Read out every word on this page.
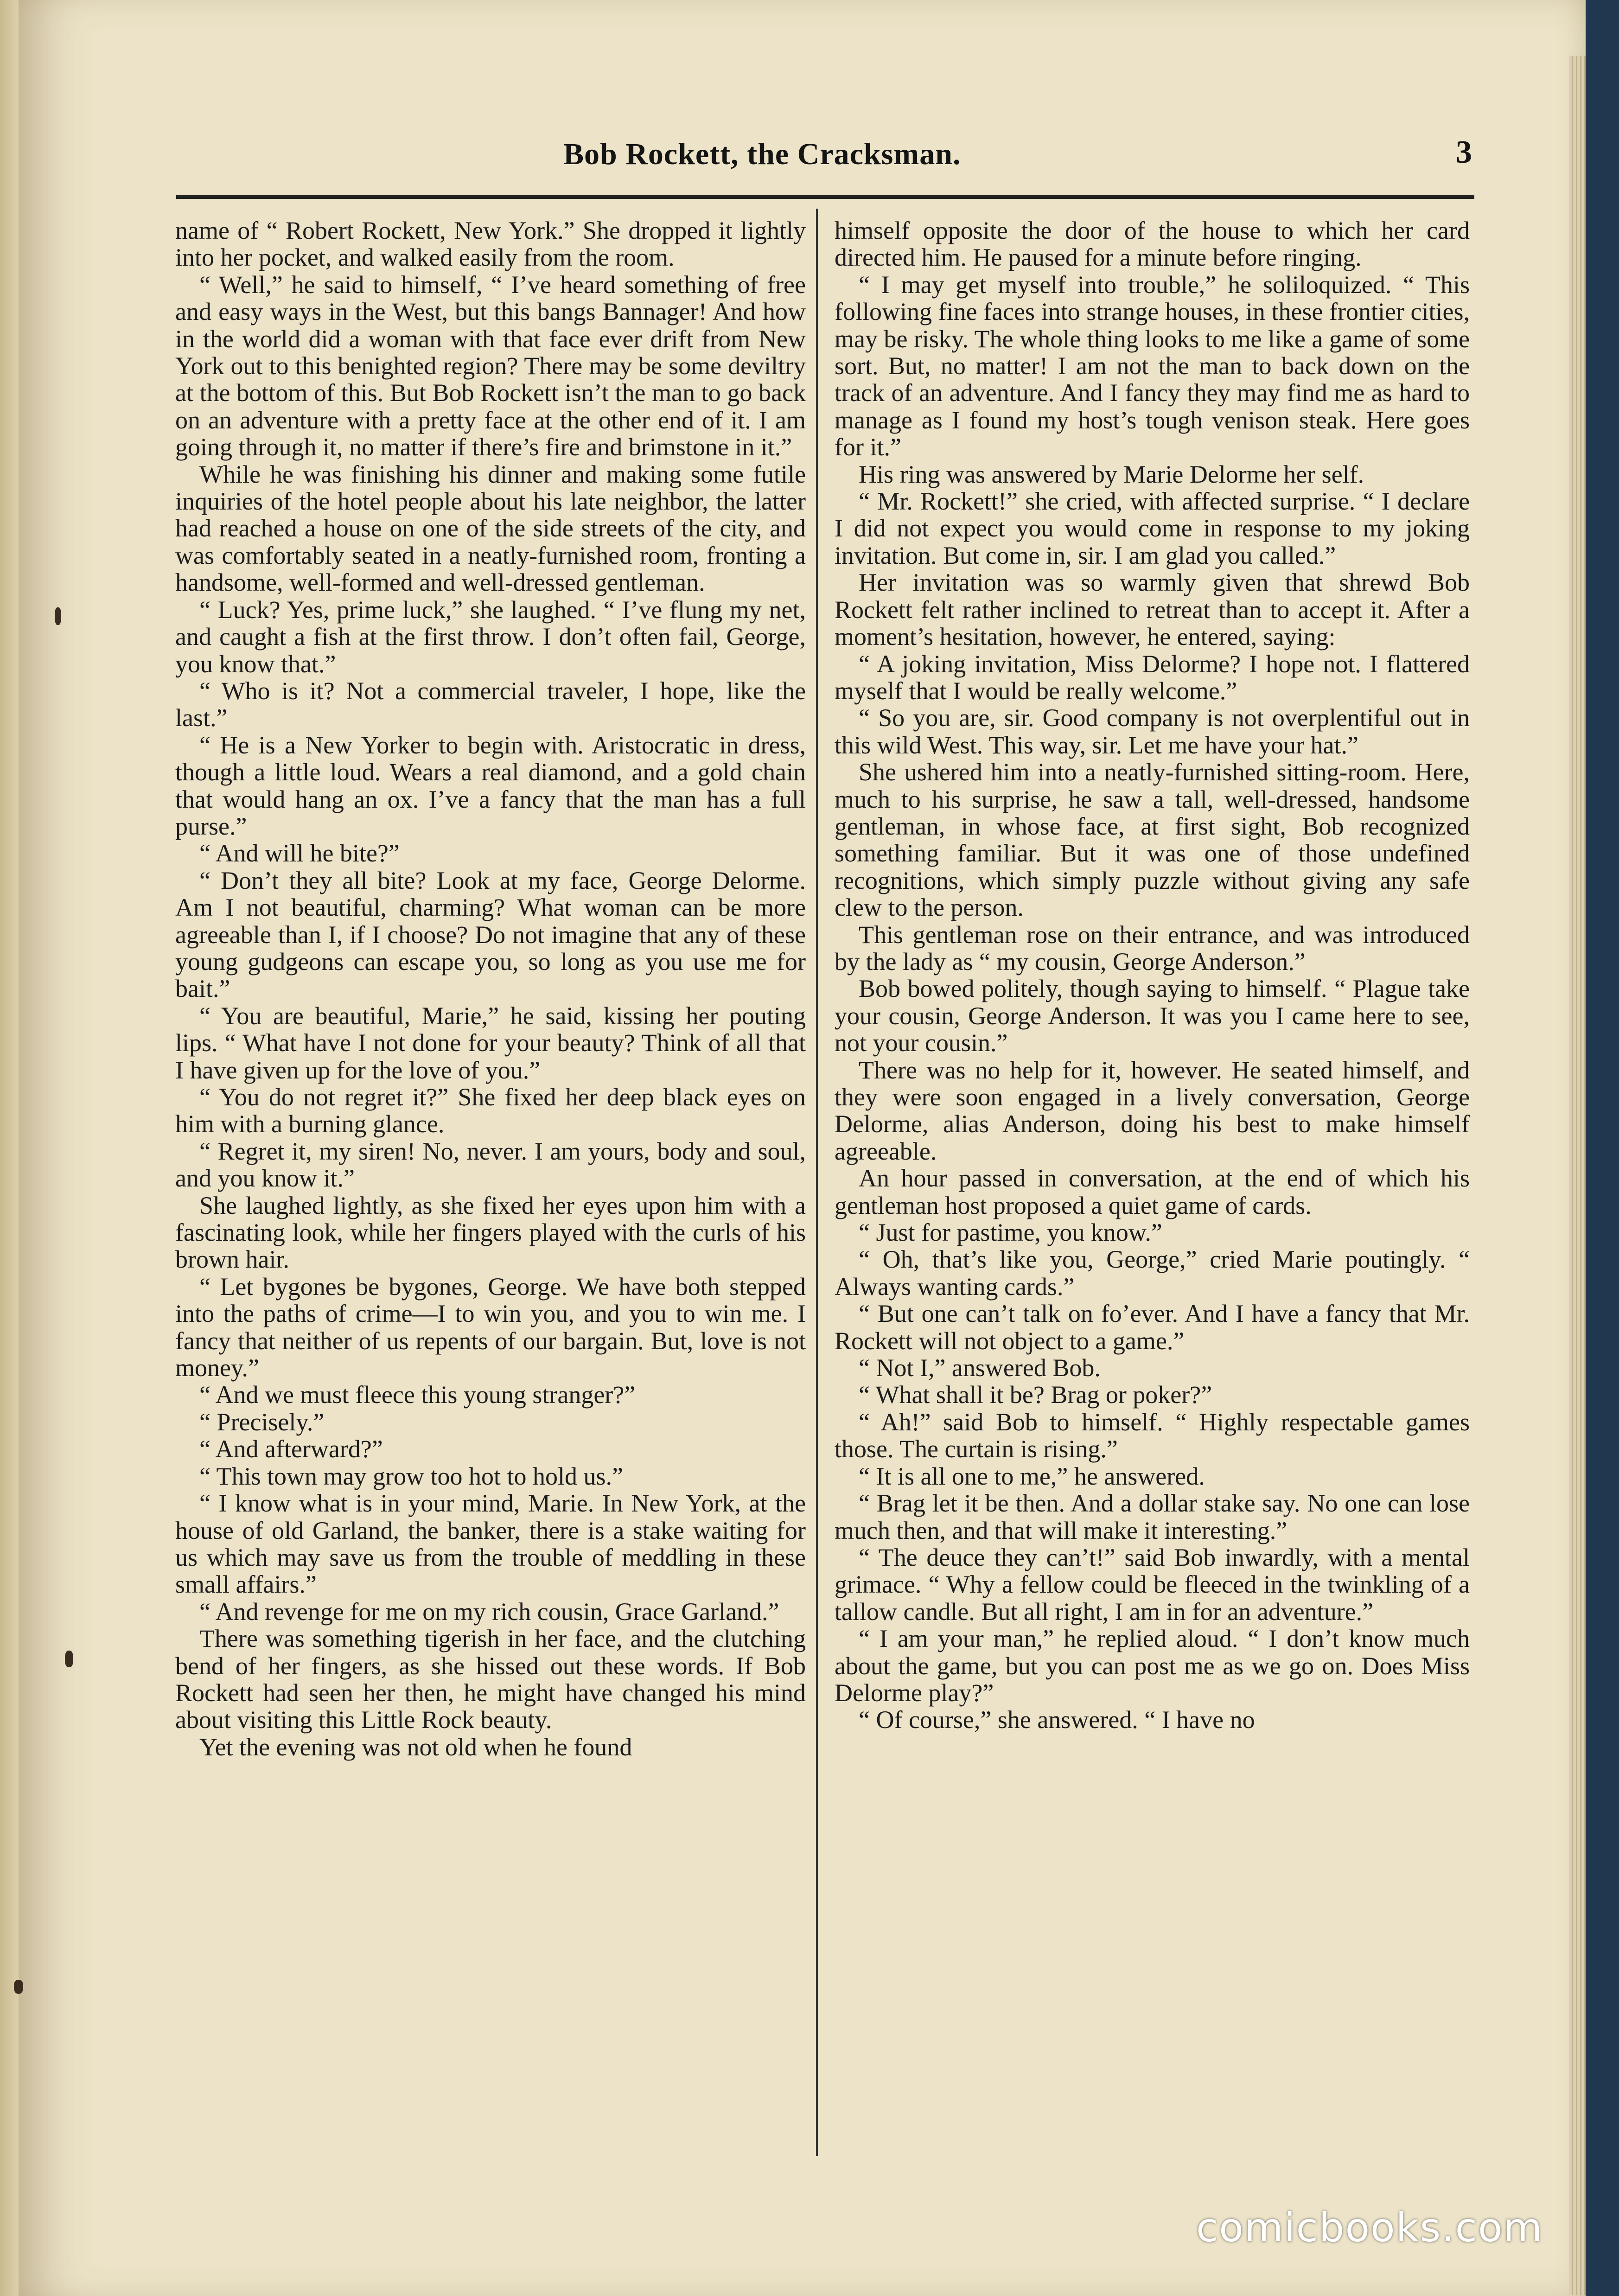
Bob Rockett, the Cracksman.	3

name of “ Robert Rockett, New York.” She dropped it lightly into her pocket, and walked easily from the room.

“ Well,” he said to himself, “ I’ve heard something of free and easy ways in the West, but this bangs Bannager! And how in the world did a woman with that face ever drift from New York out to this benighted region? There may be some deviltry at the bottom of this. But Bob Rockett isn’t the man to go back on an adventure with a pretty face at the other end of it. I am going through it, no matter if there’s fire and brimstone in it.”

While he was finishing his dinner and making some futile inquiries of the hotel people about his late neighbor, the latter had reached a house on one of the side streets of the city, and was comfortably seated in a neatly-furnished room, fronting a handsome, well-formed and well-dressed gentleman.

“ Luck? Yes, prime luck,” she laughed. “ I’ve flung my net, and caught a fish at the first throw. I don’t often fail, George, you know that.”

“ Who is it? Not a commercial traveler, I hope, like the last.”

“ He is a New Yorker to begin with. Aristocratic in dress, though a little loud. Wears a real diamond, and a gold chain that would hang an ox. I’ve a fancy that the man has a full purse.”

“ And will he bite?”

“ Don’t they all bite? Look at my face, George Delorme. Am I not beautiful, charming? What woman can be more agreeable than I, if I choose? Do not imagine that any of these young gudgeons can escape you, so long as you use me for bait.”

“ You are beautiful, Marie,” he said, kissing her pouting lips. “ What have I not done for your beauty? Think of all that I have given up for the love of you.”

“ You do not regret it?” She fixed her deep black eyes on him with a burning glance.

“ Regret it, my siren! No, never. I am yours, body and soul, and you know it.”

She laughed lightly, as she fixed her eyes upon him with a fascinating look, while her fingers played with the curls of his brown hair.

“ Let bygones be bygones, George. We have both stepped into the paths of crime—I to win you, and you to win me. I fancy that neither of us repents of our bargain. But, love is not money.”

“ And we must fleece this young stranger?”

“ Precisely.”

“ And afterward?”

“ This town may grow too hot to hold us.”

“ I know what is in your mind, Marie. In New York, at the house of old Garland, the banker, there is a stake waiting for us which may save us from the trouble of meddling in these small affairs.”

“ And revenge for me on my rich cousin, Grace Garland.”

There was something tigerish in her face, and the clutching bend of her fingers, as she hissed out these words. If Bob Rockett had seen her then, he might have changed his mind about visiting this Little Rock beauty.

Yet the evening was not old when he found

himself opposite the door of the house to which her card directed him. He paused for a minute before ringing.

“ I may get myself into trouble,” he soliloquized. “ This following fine faces into strange houses, in these frontier cities, may be risky. The whole thing looks to me like a game of some sort. But, no matter! I am not the man to back down on the track of an adventure. And I fancy they may find me as hard to manage as I found my host’s tough venison steak. Here goes for it.”

His ring was answered by Marie Delorme her self.

“ Mr. Rockett!” she cried, with affected surprise. “ I declare I did not expect you would come in response to my joking invitation. But come in, sir. I am glad you called.”

Her invitation was so warmly given that shrewd Bob Rockett felt rather inclined to retreat than to accept it. After a moment’s hesitation, however, he entered, saying:

“ A joking invitation, Miss Delorme? I hope not. I flattered myself that I would be really welcome.”

“ So you are, sir. Good company is not overplentiful out in this wild West. This way, sir. Let me have your hat.”

She ushered him into a neatly-furnished sitting-room. Here, much to his surprise, he saw a tall, well-dressed, handsome gentleman, in whose face, at first sight, Bob recognized something familiar. But it was one of those undefined recognitions, which simply puzzle without giving any safe clew to the person.

This gentleman rose on their entrance, and was introduced by the lady as “ my cousin, George Anderson.”

Bob bowed politely, though saying to himself. “ Plague take your cousin, George Anderson. It was you I came here to see, not your cousin.”

There was no help for it, however. He seated himself, and they were soon engaged in a lively conversation, George Delorme, alias Anderson, doing his best to make himself agreeable.

An hour passed in conversation, at the end of which his gentleman host proposed a quiet game of cards.

“ Just for pastime, you know.”

“ Oh, that’s like you, George,” cried Marie poutingly. “ Always wanting cards.”

“ But one can’t talk on fo’ever. And I have a fancy that Mr. Rockett will not object to a game.”

“ Not I,” answered Bob.

“ What shall it be? Brag or poker?”

“ Ah!” said Bob to himself. “ Highly respectable games those. The curtain is rising.”

“ It is all one to me,” he answered.

“ Brag let it be then. And a dollar stake say. No one can lose much then, and that will make it interesting.”

“ The deuce they can’t!” said Bob inwardly, with a mental grimace. “ Why a fellow could be fleeced in the twinkling of a tallow candle. But all right, I am in for an adventure.”

“ I am your man,” he replied aloud. “ I don’t know much about the game, but you can post me as we go on. Does Miss Delorme play?”

“ Of course,” she answered. “ I have no

comicbooks.com
